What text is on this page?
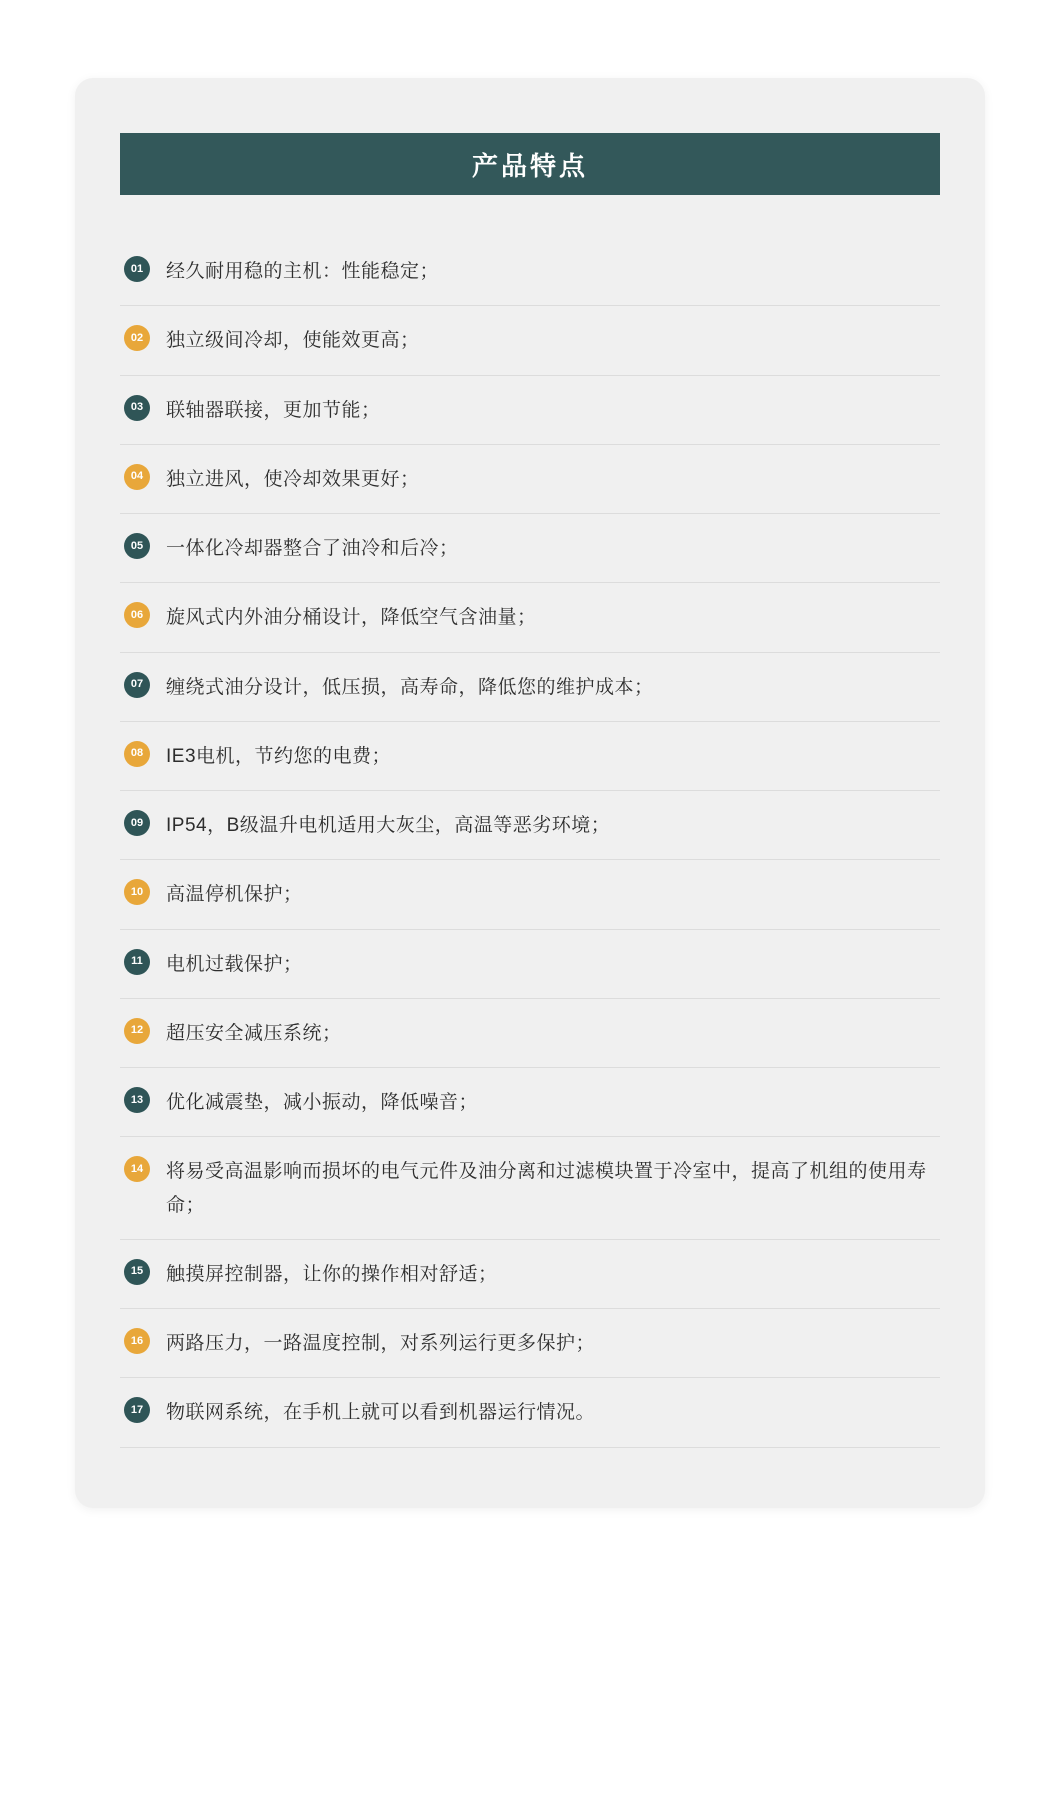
产品特点
01	经久耐用稳的主机：性能稳定；
02	独立级间冷却，使能效更高；
03	联轴器联接，更加节能；
04	独立进风，使冷却效果更好；
05	一体化冷却器整合了油冷和后冷；
06	旋风式内外油分桶设计，降低空气含油量；
07	缠绕式油分设计，低压损，高寿命，降低您的维护成本；
08	IE3电机，节约您的电费；
09	IP54，B级温升电机适用大灰尘，高温等恶劣环境；
10	高温停机保护；
11	电机过载保护；
12	超压安全减压系统；
13	优化减震垫，减小振动，降低噪音；
14	将易受高温影响而损坏的电气元件及油分离和过滤模块置于冷室中，提高了机组的使用寿命；
15	触摸屏控制器，让你的操作相对舒适；
16	两路压力，一路温度控制，对系列运行更多保护；
17	物联网系统，在手机上就可以看到机器运行情况。
